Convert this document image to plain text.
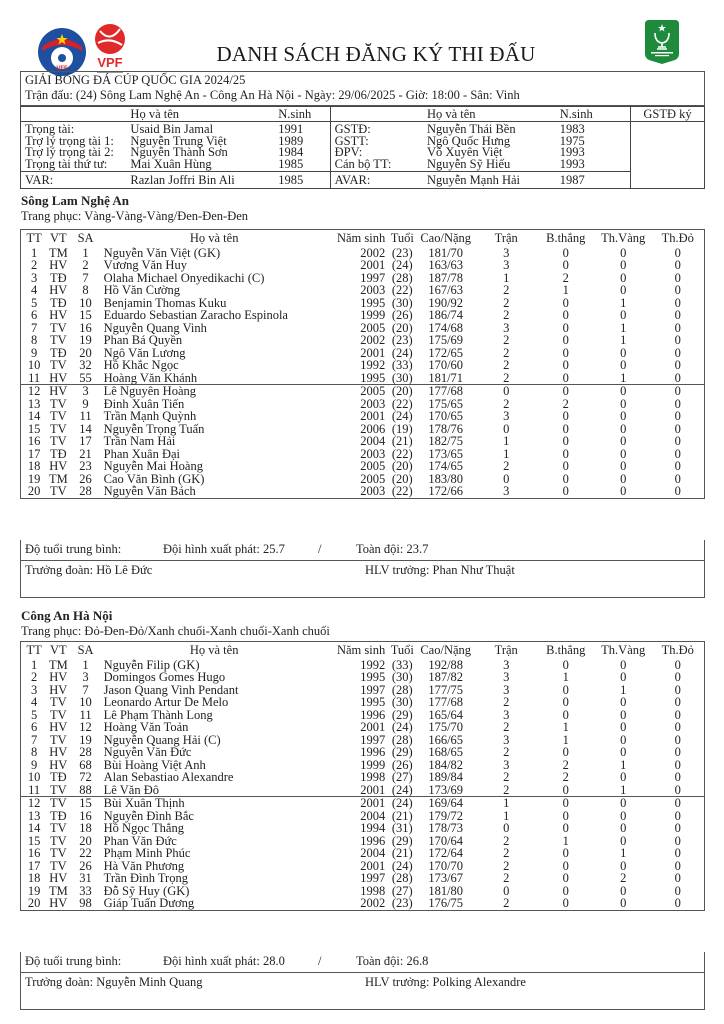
VFF VPF	DANH SÁCH ĐĂNG KÝ THI ĐẤU
GIẢI BÓNG ĐÁ CÚP QUỐC GIA 2024/25
Trận đấu: (24) Sông Lam Nghệ An - Công An Hà Nội - Ngày: 29/06/2025 - Giờ: 18:00 - Sân: Vinh
	Họ và tên	N.sinh		Họ và tên	N.sinh	GSTĐ ký
Trọng tài:	Usaid Bin Jamal	1991	GSTĐ:	Nguyễn Thái Bền	1983	
Trợ lý trọng tài 1:	Nguyễn Trung Việt	1989	GSTT:	Ngô Quốc Hưng	1975	
Trợ lý trọng tài 2:	Nguyễn Thành Sơn	1984	ĐPV:	Võ Xuyên Việt	1993	
Trọng tài thứ tư:	Mai Xuân Hùng	1985	Cán bộ TT:	Nguyễn Sỹ Hiếu	1993	
VAR:	Razlan Joffri Bin Ali	1985	AVAR:	Nguyễn Mạnh Hải	1987	
Sông Lam Nghệ An
Trang phục: Vàng-Vàng-Vàng/Đen-Đen-Đen
TT	VT	SA	Họ và tên	Năm sinh	Tuổi	Cao/Nặng	Trận	B.thắng	Th.Vàng	Th.Đỏ
1	TM	1	Nguyễn Văn Việt (GK)	2002	(23)	181/70	3	0	0	0
2	HV	2	Vương Văn Huy	2001	(24)	163/63	3	0	0	0
3	TĐ	7	Olaha Michael Onyedikachi (C)	1997	(28)	187/78	1	2	0	0
4	HV	8	Hồ Văn Cường	2003	(22)	167/63	2	1	0	0
5	TĐ	10	Benjamin Thomas Kuku	1995	(30)	190/92	2	0	1	0
6	HV	15	Eduardo Sebastian Zaracho Espinola	1999	(26)	186/74	2	0	0	0
7	TV	16	Nguyễn Quang Vinh	2005	(20)	174/68	3	0	1	0
8	TV	19	Phan Bá Quyền	2002	(23)	175/69	2	0	1	0
9	TĐ	20	Ngô Văn Lương	2001	(24)	172/65	2	0	0	0
10	TV	32	Hồ Khắc Ngọc	1992	(33)	170/60	2	0	0	0
11	HV	55	Hoàng Văn Khánh	1995	(30)	181/71	2	0	1	0
12	HV	3	Lê Nguyên Hoàng	2005	(20)	177/68	0	0	0	0
13	TV	9	Đinh Xuân Tiến	2003	(22)	175/65	2	2	0	0
14	TV	11	Trần Mạnh Quỳnh	2001	(24)	170/65	3	0	0	0
15	TV	14	Nguyễn Trọng Tuấn	2006	(19)	178/76	0	0	0	0
16	TV	17	Trần Nam Hải	2004	(21)	182/75	1	0	0	0
17	TĐ	21	Phan Xuân Đại	2003	(22)	173/65	1	0	0	0
18	HV	23	Nguyễn Mai Hoàng	2005	(20)	174/65	2	0	0	0
19	TM	26	Cao Văn Bình (GK)	2005	(20)	183/80	0	0	0	0
20	TV	28	Nguyễn Văn Bách	2003	(22)	172/66	3	0	0	0
Độ tuổi trung bình:	Đội hình xuất phát: 25.7	/	Toàn đội: 23.7
Trưởng đoàn: Hồ Lê Đức	HLV trưởng: Phan Như Thuật
Công An Hà Nội
Trang phục: Đỏ-Đen-Đỏ/Xanh chuối-Xanh chuối-Xanh chuối
TT	VT	SA	Họ và tên	Năm sinh	Tuổi	Cao/Nặng	Trận	B.thắng	Th.Vàng	Th.Đỏ
1	TM	1	Nguyễn Filip (GK)	1992	(33)	192/88	3	0	0	0
2	HV	3	Domingos Gomes Hugo	1995	(30)	187/82	3	1	0	0
3	HV	7	Jason Quang Vinh Pendant	1997	(28)	177/75	3	0	1	0
4	TV	10	Leonardo Artur De Melo	1995	(30)	177/68	2	0	0	0
5	TV	11	Lê Phạm Thành Long	1996	(29)	165/64	3	0	0	0
6	HV	12	Hoàng Văn Toản	2001	(24)	175/70	2	1	0	0
7	TV	19	Nguyễn Quang Hải (C)	1997	(28)	166/65	3	1	0	0
8	HV	28	Nguyễn Văn Đức	1996	(29)	168/65	2	0	0	0
9	HV	68	Bùi Hoàng Việt Anh	1999	(26)	184/82	3	2	1	0
10	TĐ	72	Alan Sebastiao Alexandre	1998	(27)	189/84	2	2	0	0
11	TV	88	Lê Văn Đô	2001	(24)	173/69	2	0	1	0
12	TV	15	Bùi Xuân Thịnh	2001	(24)	169/64	1	0	0	0
13	TĐ	16	Nguyễn Đình Bắc	2004	(21)	179/72	1	0	0	0
14	TV	18	Hồ Ngọc Thắng	1994	(31)	178/73	0	0	0	0
15	TV	20	Phan Văn Đức	1996	(29)	170/64	2	1	0	0
16	TV	22	Phạm Minh Phúc	2004	(21)	172/64	2	0	1	0
17	TV	26	Hà Văn Phương	2001	(24)	170/70	2	0	0	0
18	HV	31	Trần Đình Trọng	1997	(28)	173/67	2	0	2	0
19	TM	33	Đỗ Sỹ Huy (GK)	1998	(27)	181/80	0	0	0	0
20	HV	98	Giáp Tuấn Dương	2002	(23)	176/75	2	0	0	0
Độ tuổi trung bình:	Đội hình xuất phát: 28.0	/	Toàn đội: 26.8
Trưởng đoàn: Nguyễn Minh Quang	HLV trưởng: Polking Alexandre
